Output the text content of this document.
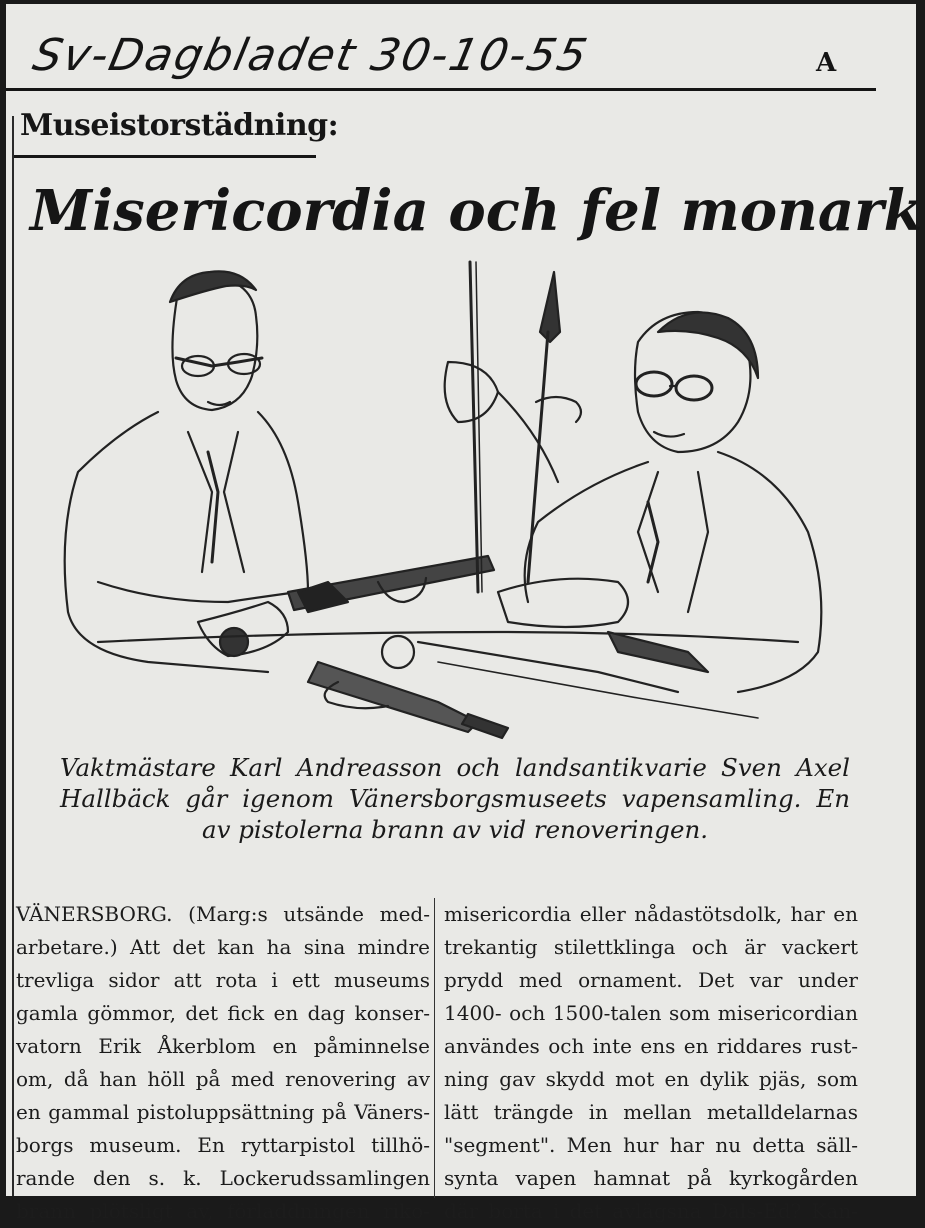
Sv-Dagbladet 30-10-55	A
Museistorstädning:
Misericordia och fel monark
Vaktmästare Karl Andreasson och landsantikvarie Sven Axel Hallbäck går igenom Vänersborgsmuseets vapensamling. En av pistolerna brann av vid renoveringen.
VÄNERSBORG. (Marg:s utsände med-
arbetare.) Att det kan ha sina mindre
trevliga sidor att rota i ett museums
gamla gömmor, det fick en dag konser-
vatorn Erik Åkerblom en påminnelse
om, då han höll på med renovering av
en gammal pistoluppsättning på Väners-
borgs museum. En ryttarpistol tillhö-
rande den s. k. Lockerudssamlingen
brann plötsligt av, förladdningen riko-
misericordia eller nådastötsdolk, har en
trekantig stilettklinga och är vackert
prydd med ornament. Det var under
1400- och 1500-talen som misericordian
användes och inte ens en riddares rust-
ning gav skydd mot en dylik pjäs, som
lätt trängde in mellan metalldelarnas
"segment". Men hur har nu detta säll-
synta vapen hamnat på kyrkogården
där borta i det avlägsna Dals-Ed? Kan-
